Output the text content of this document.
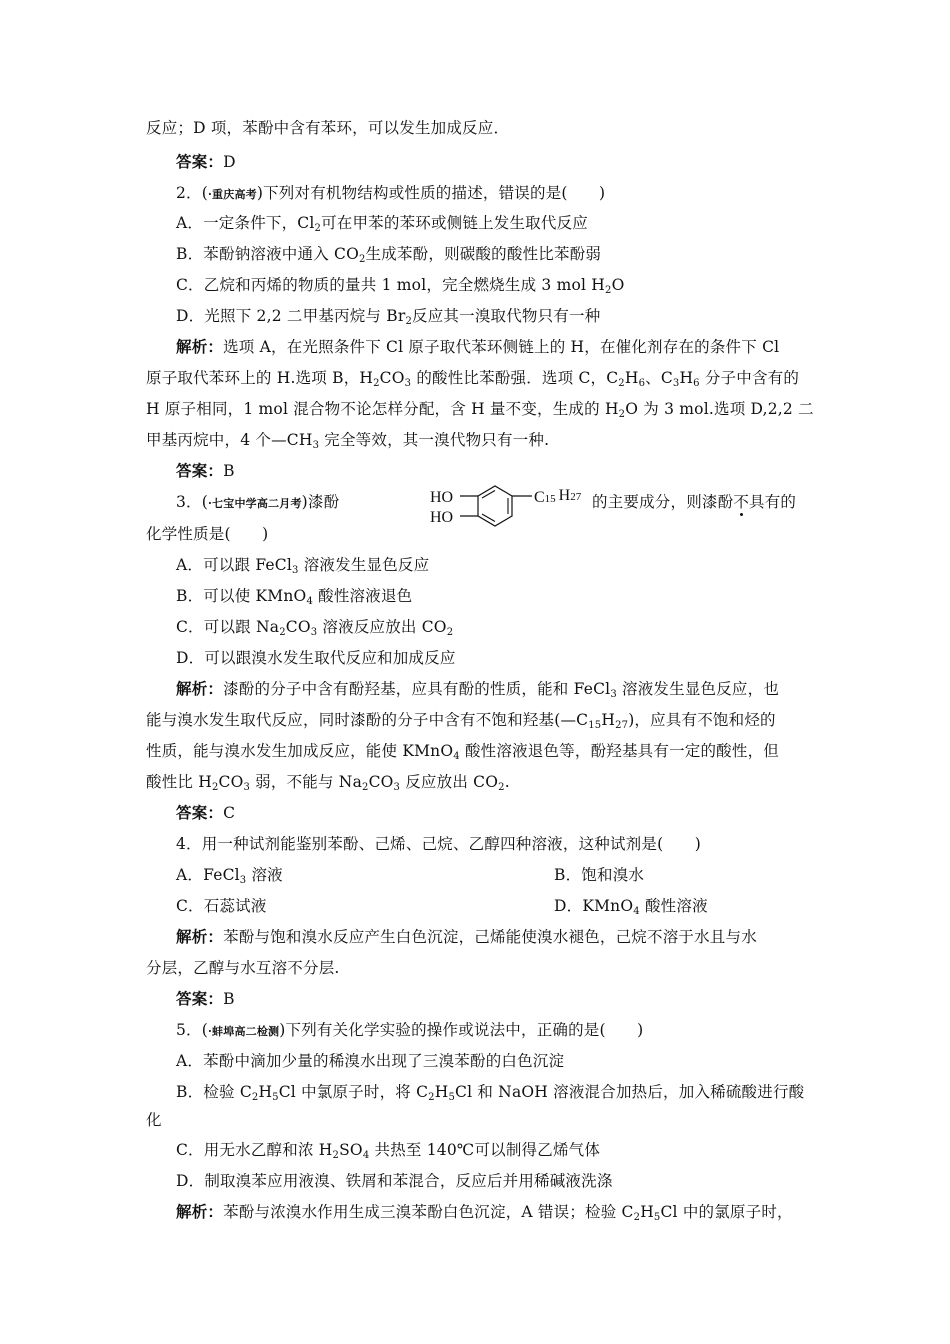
反应；D 项，苯酚中含有苯环，可以发生加成反应．
答案：D
2．(·重庆高考)下列对有机物结构或性质的描述，错误的是(　　)
A．一定条件下，$Cl_2$可在甲苯的苯环或侧链上发生取代反应
B．苯酚钠溶液中通入 $CO_2$生成苯酚，则碳酸的酸性比苯酚弱
C．乙烷和丙烯的物质的量共 1 mol，完全燃烧生成 3 mol $H_2O$
D．光照下 2,2 二甲基丙烷与 $Br_2$反应其一溴取代物只有一种
解析：选项 A，在光照条件下 Cl 原子取代苯环侧链上的 H，在催化剂存在的条件下 Cl
原子取代苯环上的 H.选项 B，$H_2CO_3$ 的酸性比苯酚强．选项 C，$C_2H_6$、$C_3H_6$ 分子中含有的
H 原子相同，1 mol 混合物不论怎样分配，含 H 量不变，生成的 $H_2O$ 为 3 mol.选项 D,2,2 二
甲基丙烷中，4 个$—CH_3$ 完全等效，其一溴代物只有一种.
答案：B
3．(·七宝中学高二月考)漆酚	的主要成分，则漆酚不具有的
HO
HO
C15 H27
化学性质是(　　)
A．可以跟 FeCl$_3$ 溶液发生显色反应
B．可以使 KMnO$_4$ 酸性溶液退色
C．可以跟 $Na_2CO_3$ 溶液反应放出 $CO_2$
D．可以跟溴水发生取代反应和加成反应
解析：漆酚的分子中含有酚羟基，应具有酚的性质，能和 FeCl$_3$ 溶液发生显色反应，也
能与溴水发生取代反应，同时漆酚的分子中含有不饱和羟基$(—C_{15}H_{27})$，应具有不饱和烃的
性质，能与溴水发生加成反应，能使 KMnO$_4$ 酸性溶液退色等，酚羟基具有一定的酸性，但
酸性比 $H_2CO_3$ 弱，不能与 $Na_2CO_3$ 反应放出 $CO_2$.
答案：C
4．用一种试剂能鉴别苯酚、己烯、己烷、乙醇四种溶液，这种试剂是(　　)
A．FeCl$_3$ 溶液	B．饱和溴水
C．石蕊试液	D．KMnO$_4$ 酸性溶液
解析：苯酚与饱和溴水反应产生白色沉淀，己烯能使溴水褪色，己烷不溶于水且与水
分层，乙醇与水互溶不分层.
答案：B
5．(·蚌埠高二检测)下列有关化学实验的操作或说法中，正确的是(　　)
A．苯酚中滴加少量的稀溴水出现了三溴苯酚的白色沉淀
B．检验 $C_2H_5Cl$ 中氯原子时，将 $C_2H_5Cl$ 和 NaOH 溶液混合加热后，加入稀硫酸进行酸
化
C．用无水乙醇和浓 $H_2SO_4$ 共热至 140℃可以制得乙烯气体
D．制取溴苯应用液溴、铁屑和苯混合，反应后并用稀碱液洗涤
解析：苯酚与浓溴水作用生成三溴苯酚白色沉淀，A 错误；检验 $C_2H_5Cl$ 中的氯原子时，
